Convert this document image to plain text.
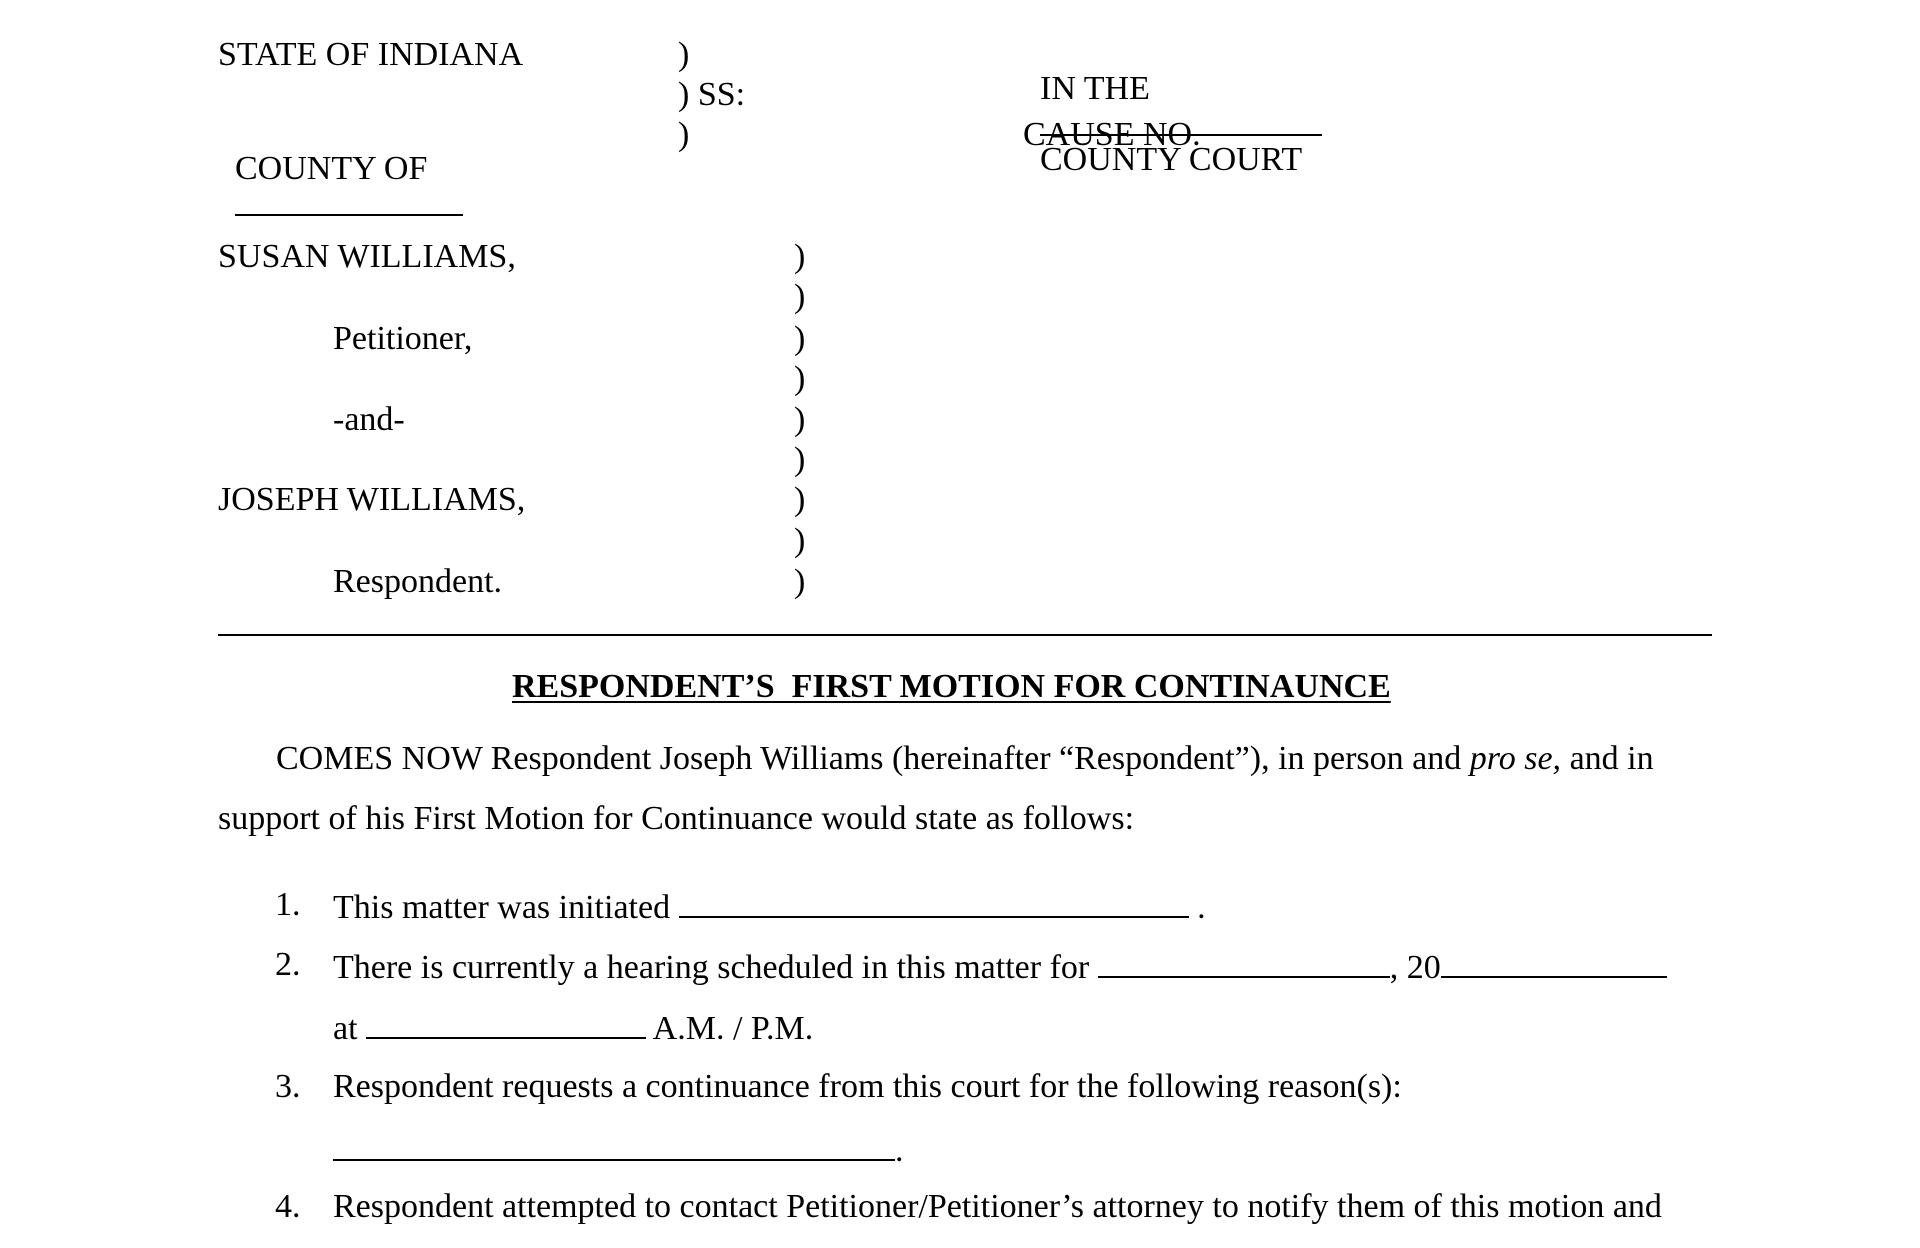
STATE OF INDIANA

COUNTY OF

)
) SS:
)

IN THE

COUNTY COURT

CAUSE NO.
SUSAN WILLIAMS,
Petitioner,
-and-
JOSEPH WILLIAMS,
Respondent.
)
)
)
)
)
)
)
)
)
RESPONDENT’S  FIRST MOTION FOR CONTINAUNCE
COMES NOW Respondent Joseph Williams (hereinafter “Respondent”), in person and pro se, and in
support of his First Motion for Continuance would state as follows:
1. This matter was initiated	.
2. There is currently a hearing scheduled in this matter for	, 20
at	A.M. / P.M.
3. Respondent requests a continuance from this court for the following reason(s):
.
4. Respondent attempted to contact Petitioner/Petitioner’s attorney to notify them of this motion and
